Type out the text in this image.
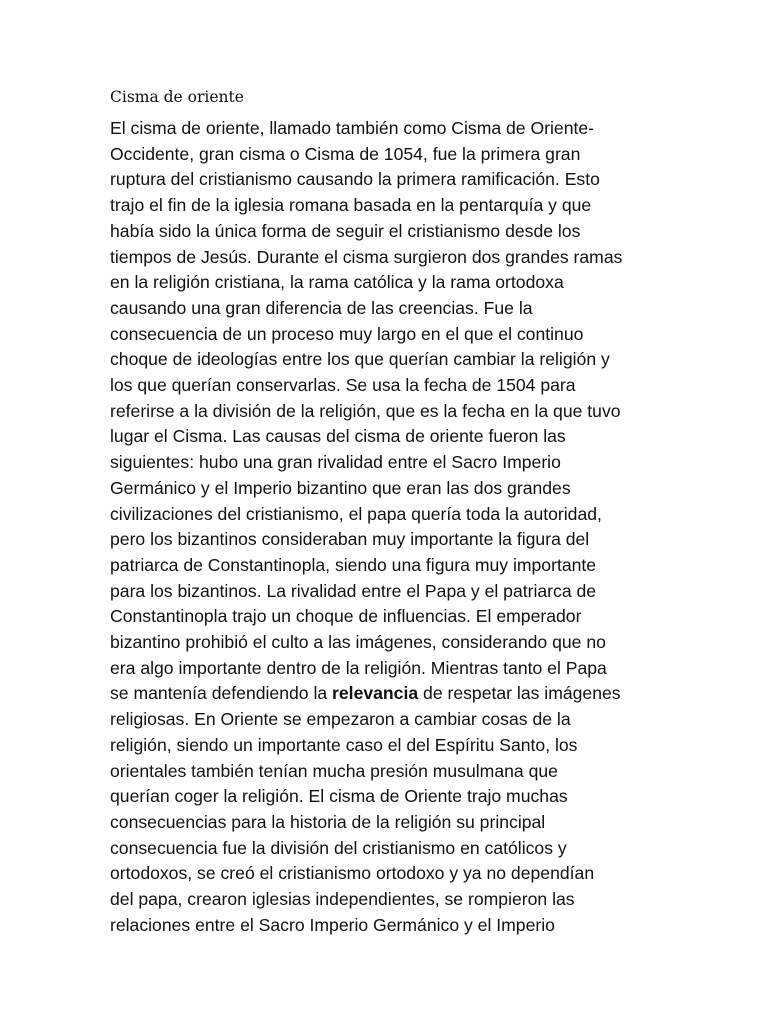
Cisma de oriente
El cisma de oriente, llamado también como Cisma de Oriente-
Occidente, gran cisma o Cisma de 1054, fue la primera gran
ruptura del cristianismo causando la primera ramificación. Esto
trajo el fin de la iglesia romana basada en la pentarquía y que
había sido la única forma de seguir el cristianismo desde los
tiempos de Jesús. Durante el cisma surgieron dos grandes ramas
en la religión cristiana, la rama católica y la rama ortodoxa
causando una gran diferencia de las creencias. Fue la
consecuencia de un proceso muy largo en el que el continuo
choque de ideologías entre los que querían cambiar la religión y
los que querían conservarlas. Se usa la fecha de 1504 para
referirse a la división de la religión, que es la fecha en la que tuvo
lugar el Cisma. Las causas del cisma de oriente fueron las
siguientes: hubo una gran rivalidad entre el Sacro Imperio
Germánico y el Imperio bizantino que eran las dos grandes
civilizaciones del cristianismo, el papa quería toda la autoridad,
pero los bizantinos consideraban muy importante la figura del
patriarca de Constantinopla, siendo una figura muy importante
para los bizantinos. La rivalidad entre el Papa y el patriarca de
Constantinopla trajo un choque de influencias. El emperador
bizantino prohibió el culto a las imágenes, considerando que no
era algo importante dentro de la religión. Mientras tanto el Papa
se mantenía defendiendo la relevancia de respetar las imágenes
religiosas. En Oriente se empezaron a cambiar cosas de la
religión, siendo un importante caso el del Espíritu Santo, los
orientales también tenían mucha presión musulmana que
querían coger la religión. El cisma de Oriente trajo muchas
consecuencias para la historia de la religión su principal
consecuencia fue la división del cristianismo en católicos y
ortodoxos, se creó el cristianismo ortodoxo y ya no dependían
del papa, crearon iglesias independientes, se rompieron las
relaciones entre el Sacro Imperio Germánico y el Imperio
